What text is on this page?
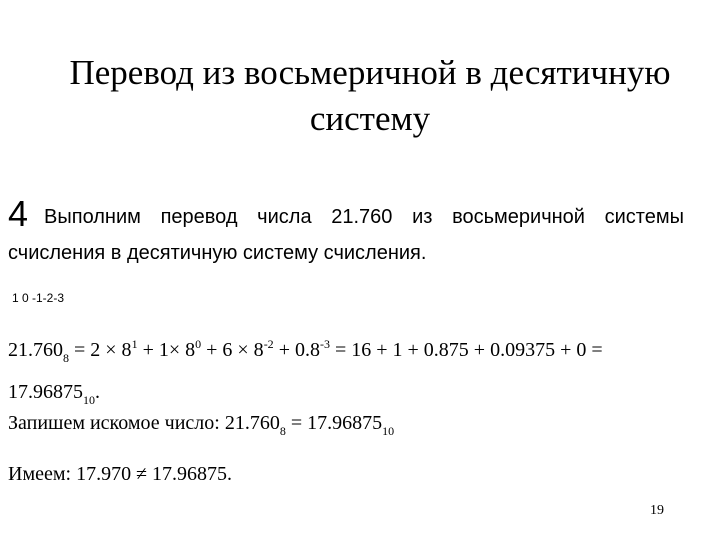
Перевод из восьмеричной в десятичную
систему
4 Выполним перевод числа 21.760 из восьмеричной системы счисления в десятичную систему счисления.
1 0 -1-2-3
$21.760_8 = 2 \times 8^1 + 1\times 8^0 + 6 \times 8^{-2} + 0.8^{-3} = 16 + 1 + 0.875 + 0.09375 + 0 = 17.96875_{10}$.
Запишем искомое число: $21.760_8 = 17.96875_{10}$
Имеем: 17.970 ≠ 17.96875.
19
